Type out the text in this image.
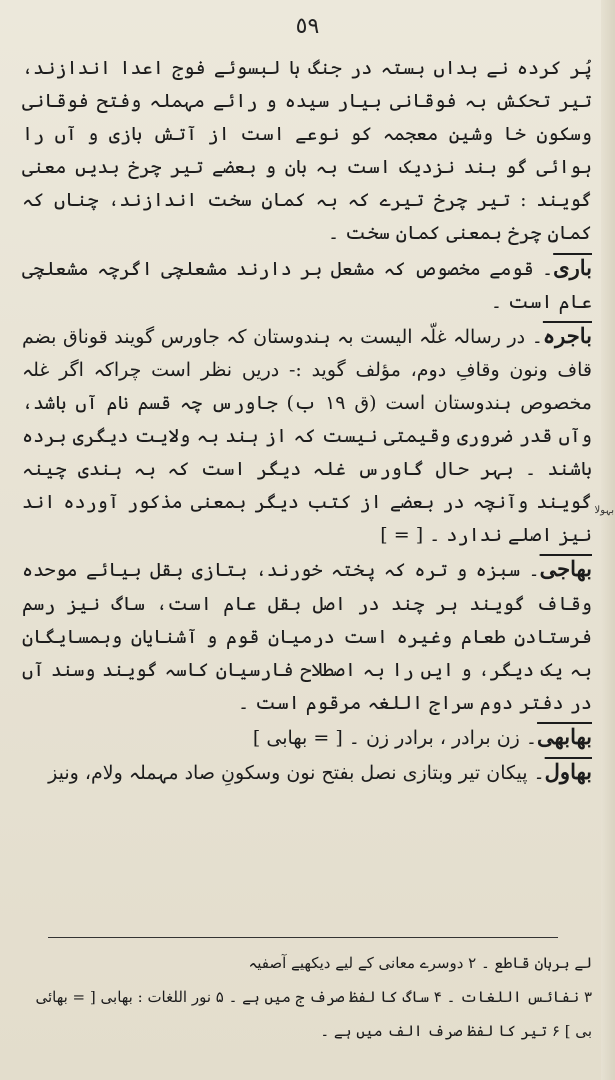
٥٩

پُر کردہ نے بداں بستہ در جنگ ہا لبسوئے فوج اعدا اندازند، تیر تحکش بہ فوقانی بیار سیدہ و رائے مہملہ وفتح فوقانی وسکون خا وشین معجمہ کو نوعے است از آتش بازی و آں را ہوائی گو بند نزدیک است بہ بان و بعضے تیر چرخ بدیں معنی گویند : تیر چرخ تیرے کہ بہ کمانِ سخت اندازند، چناں کہ کمانِ چرخ بمعنی کمان سخت ۔

باری۔ قومے مخصوص کہ مشعل بر دارند مشعلچی اگرچہ مشعلچی عام است ۔

باجرہ۔ در رسالہ غلّہ الیست بہ ہندوستان کہ جاورس گویند قوناق بضم قاف ونون وقافِ دوم، مؤلف گوید :- دریں نظر است چراکہ اگر غلہ مخصوص ہندوستان است (ق ۱۹ ب) جاورس چہ قسم نام آں باشد، وآں قدر ضروری وقیمتی نیست کہ از ہند بہ ولایت دیگری بردہ باشند ۔ بہر حال گاورس غلہ دیگر است کہ بہ ہندی چینہ گویند وآنچہ در بعضے از کتب دیگر بمعنی مذکور آوردہ اند نیز اصلے ندارد ۔ [ = ]

بھاجی۔ سبزہ و ترہ کہ پختہ خورند، بتازی بقل بیائے موحدہ وقاف گویند ہر چند در اصل بقل عام است، ساگ نیز رسم فرستادنِ طعام وغیرہ است درمیان قوم و آشنایان وہمسایگان بہ یک دیگر، و ایں را بہ اصطلاح فارسیان کاسہ گویند وسند آں در دفتر دوم سراج اللغہ مرقوم است ۔

بھابھی۔ زن برادر ، برادر زن ۔ [ = بھابی ]

بھاول۔ پیکان تیر وبتازی نصل بفتح نون وسکونِ صاد مہملہ ولام، ونیز

بہولا

لے برہان قاطع ۔ ۲ دوسرے معانی کے لیے دیکھیے آصفیہ

۳ نفائس اللغات ۔ ۴ ساگ کا لفظ صرف ج میں ہے ۔ ۵ نور اللغات : بھابی [ = بھائی

بی ] ۶ تیر کا لفظ صرف الف میں ہے ۔
